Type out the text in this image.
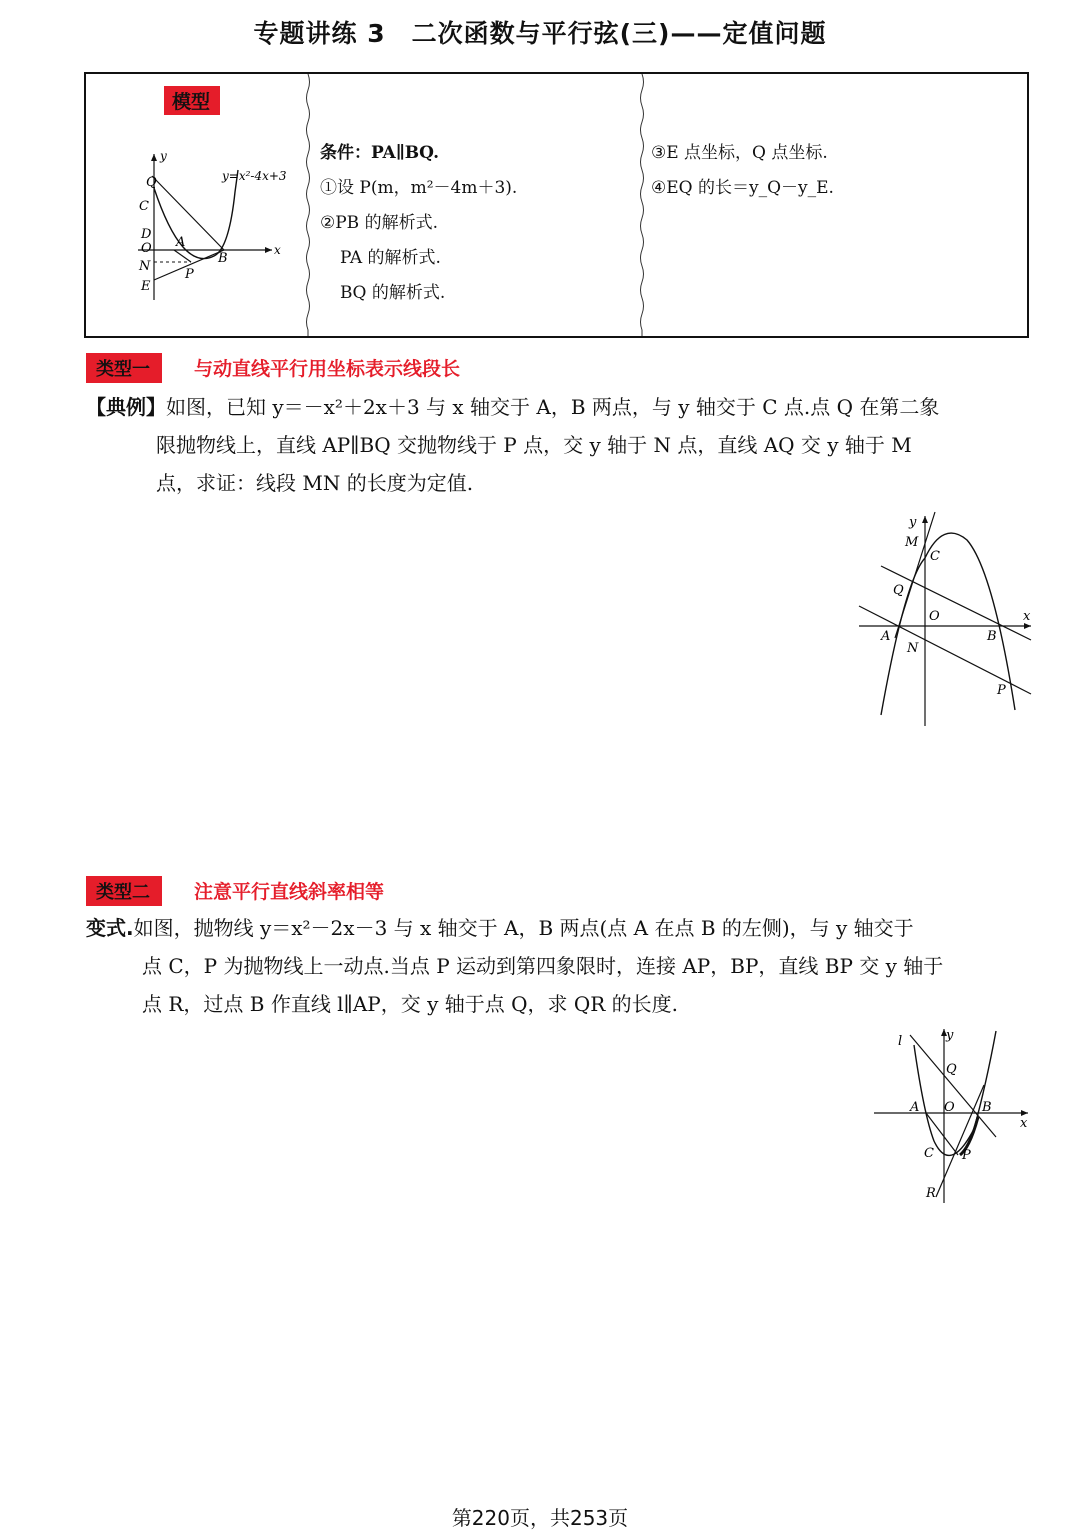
专题讲练 3　二次函数与平行弦(三)——定值问题
模型
y=x²-4x+3
y
x
Q
C
D
O
N
E
A
B
P
条件：PA∥BQ.
①设 P(m，m²－4m＋3).
②PB 的解析式.
PA 的解析式.
BQ 的解析式.
③E 点坐标，Q 点坐标.
④EQ 的长＝y_Q－y_E.
类型一	与动直线平行用坐标表示线段长
【典例】如图，已知 y＝－x²＋2x＋3 与 x 轴交于 A，B 两点，与 y 轴交于 C 点.点 Q 在第二象
限抛物线上，直线 AP∥BQ 交抛物线于 P 点，交 y 轴于 N 点，直线 AQ 交 y 轴于 M
点，求证：线段 MN 的长度为定值.
y
M
C
Q
O	x
A
N
B
P
类型二	注意平行直线斜率相等
变式.如图，抛物线 y＝x²－2x－3 与 x 轴交于 A，B 两点(点 A 在点 B 的左侧)，与 y 轴交于
点 C，P 为抛物线上一动点.当点 P 运动到第四象限时，连接 AP，BP，直线 BP 交 y 轴于
点 R，过点 B 作直线 l∥AP，交 y 轴于点 Q，求 QR 的长度.
l	y
Q
A O B
x
C P
R
第220页，共253页
